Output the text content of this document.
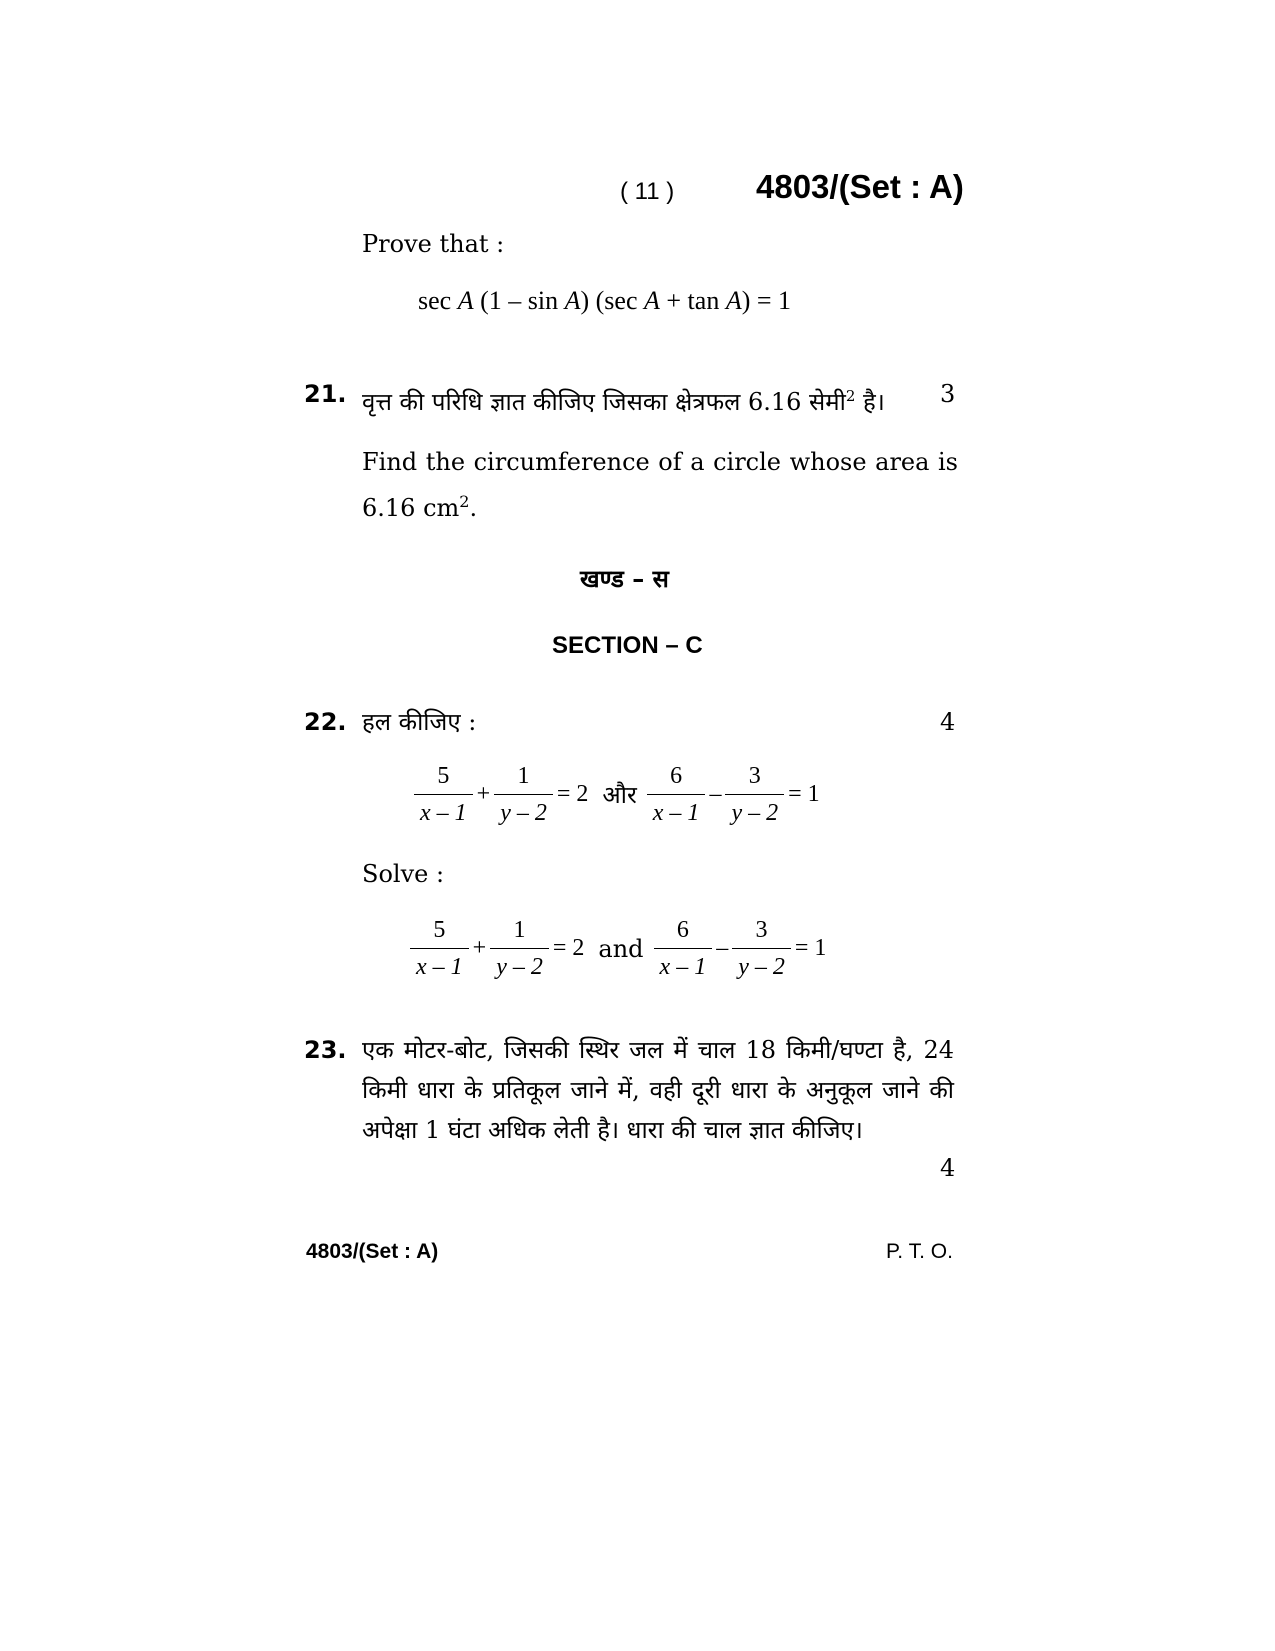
( 11 ) 4803/(Set : A)
Prove that :
sec A (1 – sin A) (sec A + tan A) = 1
21. वृत्त की परिधि ज्ञात कीजिए जिसका क्षेत्रफल 6.16 सेमी$^2$ है। 3
Find the circumference of a circle whose area is 6.16 $cm^2$.
खण्ड – स
SECTION – C
22. हल कीजिए :	4
$\frac{5}{x - 1} + \frac{1}{y - 2} = 2$ और $\frac{6}{x - 1} - \frac{3}{y - 2} = 1$
Solve :
$\frac{5}{x - 1} + \frac{1}{y - 2} = 2$ and $\frac{6}{x - 1} - \frac{3}{y - 2} = 1$
23. एक मोटर-बोट, जिसकी स्थिर जल में चाल 18 किमी/घण्टा है, 24 किमी धारा के प्रतिकूल जाने में, वही दूरी धारा के अनुकूल जाने की अपेक्षा 1 घंटा अधिक लेती है। धारा की चाल ज्ञात कीजिए।
4
4803/(Set : A)	P. T. O.
